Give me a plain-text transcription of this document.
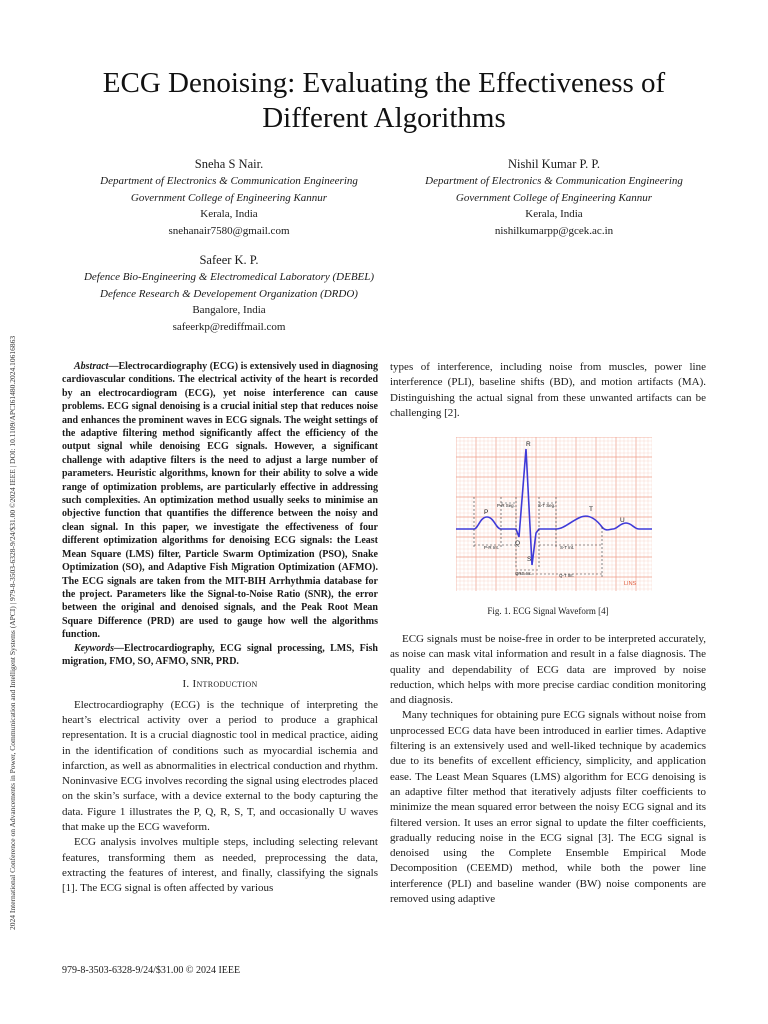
2024 International Conference on Advancements in Power, Communication and Intelligent Systems (APCI) | 979-8-3503-6328-9/24/$31.00 ©2024 IEEE | DOI: 10.1109/APCI61480.2024.10616863
ECG Denoising: Evaluating the Effectiveness of
Different Algorithms
Sneha S Nair.
Department of Electronics & Communication Engineering
Government College of Engineering Kannur
Kerala, India
snehanair7580@gmail.com
Nishil Kumar P. P.
Department of Electronics & Communication Engineering
Government College of Engineering Kannur
Kerala, India
nishilkumarpp@gcek.ac.in
Safeer K. P.
Defence Bio-Engineering & Electromedical Laboratory (DEBEL)
Defence Research & Developement Organization (DRDO)
Bangalore, India
safeerkp@rediffmail.com

Abstract—Electrocardiography (ECG) is extensively used in diagnosing cardiovascular conditions. The electrical activity of the heart is recorded by an electrocardiogram (ECG), yet noise interference can cause problems. ECG signal denoising is a crucial initial step that reduces noise and enhances the prominent waves in ECG signals. The weight settings of the adaptive filtering method significantly affect the efficiency of the output signal while denoising ECG signals. However, a significant challenge with adaptive filters is the need to adjust a large number of parameters. Heuristic algorithms, known for their ability to solve a wide range of optimization problems, are particularly effective in addressing such complexities. An optimization method usually seeks to minimise an objective function that quantifies the difference between the noisy and clean signal. In this paper, we investigate the effectiveness of four different optimization algorithms for denoising ECG signals: the Least Mean Square (LMS) filter, Particle Swarm Optimization (PSO), Snake Optimization (SO), and Adaptive Fish Migration Optimization (AFMO). The ECG signals are taken from the MIT-BIH Arrhythmia database for the project. Parameters like the Signal-to-Noise Ratio (SNR), the error between the original and denoised signals, and the Peak Root Mean Square Difference (PRD) are used to gauge how well the algorithms function.

Keywords—Electrocardiography, ECG signal processing, LMS, Fish migration, FMO, SO, AFMO, SNR, PRD.

I. Introduction

Electrocardiography (ECG) is the technique of interpreting the heart’s electrical activity over a period to produce a graphical representation. It is a crucial diagnostic tool in medical practice, aiding in the identification of conditions such as myocardial ischemia and infarction, as well as abnormalities in electrical conduction and rhythm. Noninvasive ECG involves recording the signal using electrodes placed on the skin’s surface, with a device external to the body capturing the data. Figure 1 illustrates the P, Q, R, S, T, and occasionally U waves that make up the ECG waveform.

ECG analysis involves multiple steps, including selecting relevant features, transforming them as needed, preprocessing the data, extracting the features of interest, and finally, classifying the signals [1]. The ECG signal is often affected by various

types of interference, including noise from muscles, power line interference (PLI), baseline shifts (BD), and motion artifacts (MA). Distinguishing the actual signal from these unwanted artifacts can be challenging [2].

R
P
Q
S
T
U
P-R Seg.	S-T Seg.
P-R Int.	S-T Int.
QRS Int.	Q-T Int.
LINS
Fig. 1. ECG Signal Waveform [4]

ECG signals must be noise-free in order to be interpreted accurately, as noise can mask vital information and result in a false diagnosis. The quality and dependability of ECG data are improved by noise reduction, which helps with more precise cardiac condition monitoring and diagnosis.

Many techniques for obtaining pure ECG signals without noise from unprocessed ECG data have been introduced in earlier times. Adaptive filtering is an extensively used and well-liked technique by academics due to its benefits of excellent efficiency, simplicity, and application ease. The Least Mean Squares (LMS) algorithm for ECG denoising is an adaptive filter method that iteratively adjusts filter coefficients to minimize the mean squared error between the noisy ECG signal and its filtered version. It uses an error signal to update the filter coefficients, gradually reducing noise in the ECG signal [3]. The ECG signal is denoised using the Complete Ensemble Empirical Mode Decomposition (CEEMD) method, while both the power line interference (PLI) and baseline wander (BW) noise components are removed using adaptive

979-8-3503-6328-9/24/$31.00 © 2024 IEEE
